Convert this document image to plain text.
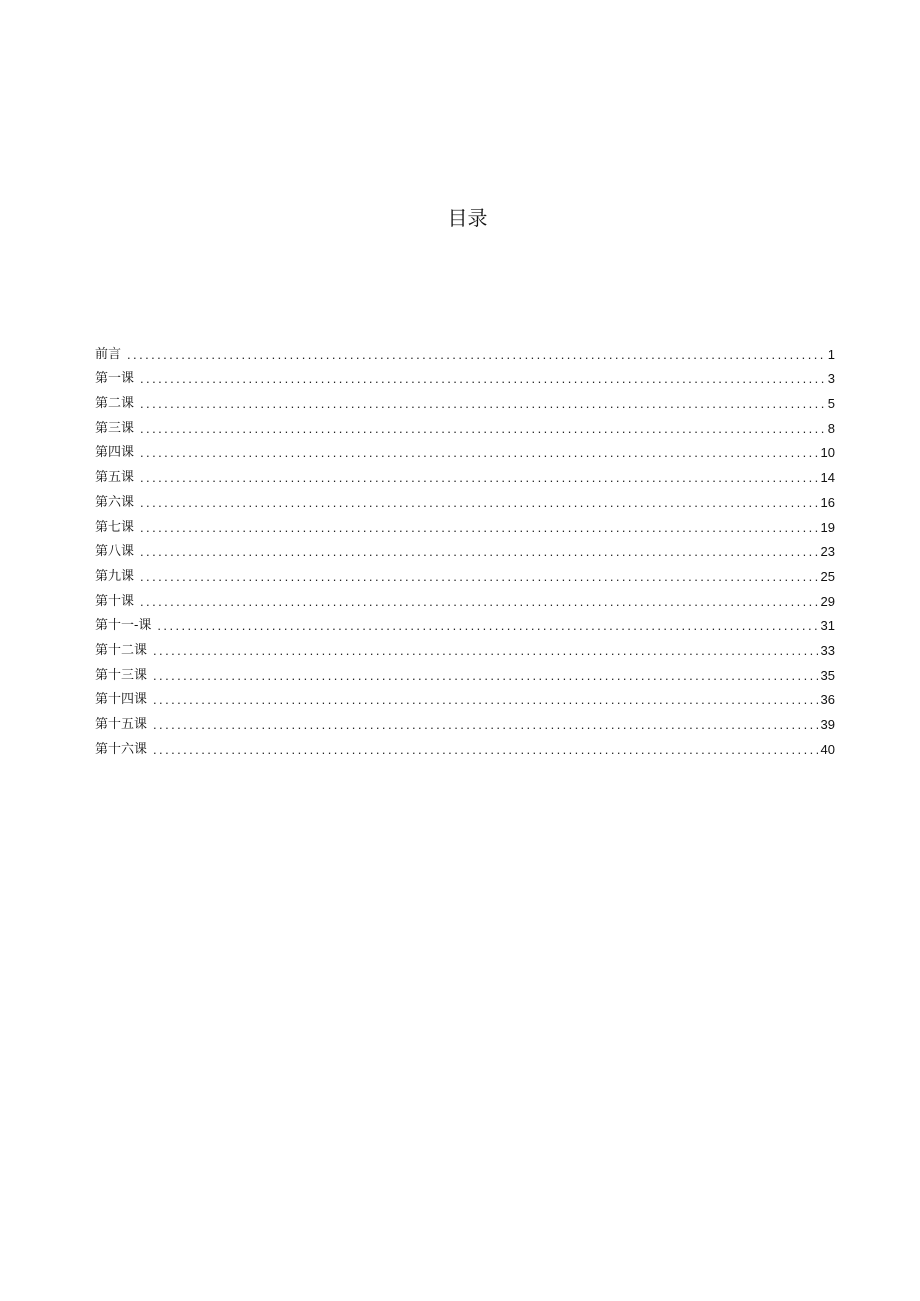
目录
前言 . . .	1
第一课 . . .	3
第二课 . . .	5
第三课 . . .	8
第四课 . . .	10
第五课 . . .	14
第六课 . . .	16
第七课 . . .	19
第八课 . . .	23
第九课 . . .	25
第十课 . . .	29
第十一-课 . . .	31
第十二课 . . .	33
第十三课 . . .	35
第十四课 . . .	36
第十五课 . . .	39
第十六课 . . .	40
